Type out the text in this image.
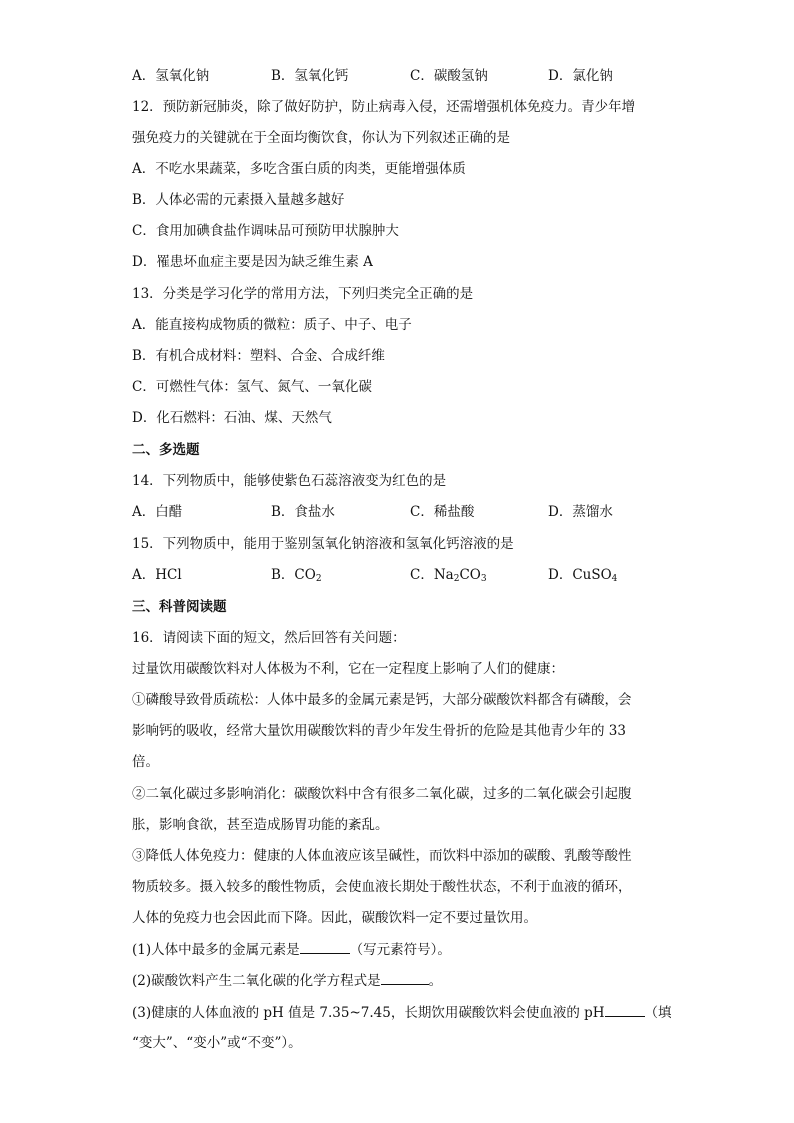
A．氢氧化钠	B．氢氧化钙	C．碳酸氢钠	D．氯化钠
12．预防新冠肺炎，除了做好防护，防止病毒入侵，还需增强机体免疫力。青少年增
强免疫力的关键就在于全面均衡饮食，你认为下列叙述正确的是
A．不吃水果蔬菜，多吃含蛋白质的肉类，更能增强体质
B．人体必需的元素摄入量越多越好
C．食用加碘食盐作调味品可预防甲状腺肿大
D．罹患坏血症主要是因为缺乏维生素 A
13．分类是学习化学的常用方法，下列归类完全正确的是
A．能直接构成物质的微粒：质子、中子、电子
B．有机合成材料：塑料、合金、合成纤维
C．可燃性气体：氢气、氮气、一氧化碳
D．化石燃料：石油、煤、天然气
二、多选题
14．下列物质中，能够使紫色石蕊溶液变为红色的是
A．白醋	B．食盐水	C．稀盐酸	D．蒸馏水
15．下列物质中，能用于鉴别氢氧化钠溶液和氢氧化钙溶液的是
A．HCl	B．$CO_2$	C．$Na_2CO_3$	D．CuSO$_4$
三、科普阅读题
16．请阅读下面的短文，然后回答有关问题：
过量饮用碳酸饮料对人体极为不利，它在一定程度上影响了人们的健康：
①磷酸导致骨质疏松：人体中最多的金属元素是钙，大部分碳酸饮料都含有磷酸，会
影响钙的吸收，经常大量饮用碳酸饮料的青少年发生骨折的危险是其他青少年的 33
倍。
②二氧化碳过多影响消化：碳酸饮料中含有很多二氧化碳，过多的二氧化碳会引起腹
胀，影响食欲，甚至造成肠胃功能的紊乱。
③降低人体免疫力：健康的人体血液应该呈碱性，而饮料中添加的碳酸、乳酸等酸性
物质较多。摄入较多的酸性物质，会使血液长期处于酸性状态，不利于血液的循环，
人体的免疫力也会因此而下降。因此，碳酸饮料一定不要过量饮用。
(1)人体中最多的金属元素是	（写元素符号）。
(2)碳酸饮料产生二氧化碳的化学方程式是	。
(3)健康的人体血液的 pH 值是 7.35~7.45，长期饮用碳酸饮料会使血液的 pH	（填
“变大”、“变小”或“不变”）。
